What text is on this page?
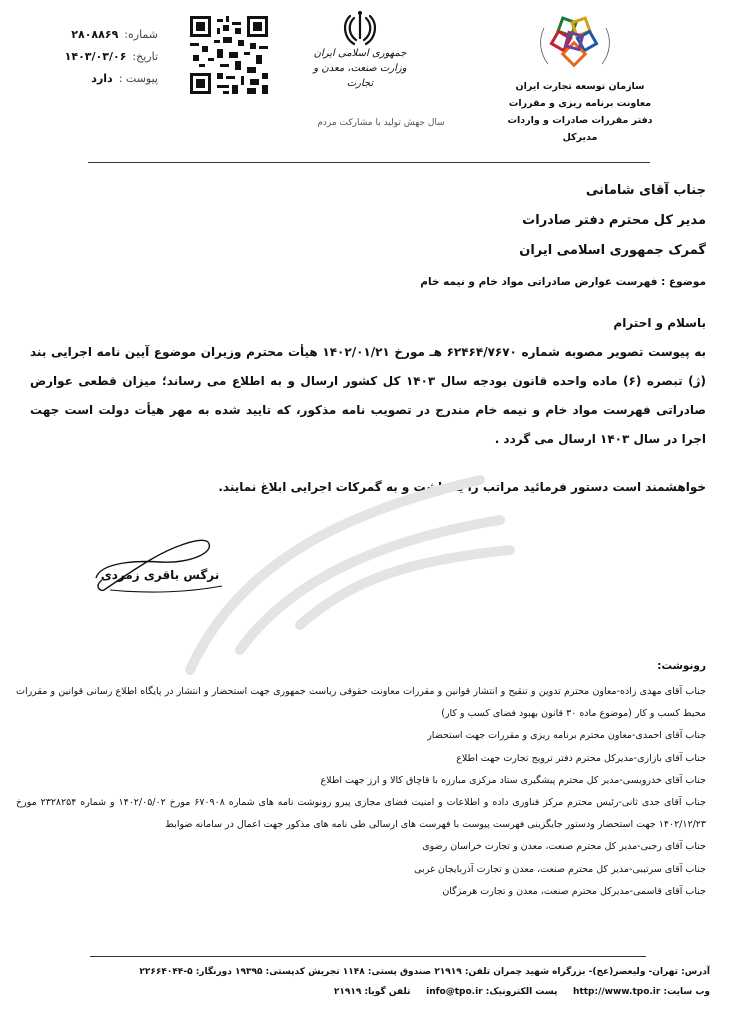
شماره:
۲۸۰۸۸۶۹
تاریخ:
۱۴۰۳/۰۳/۰۶
پیوست :
دارد
جمهوری اسلامی ایران
وزارت صنعت، معدن و تجارت
سال جهش تولید با مشارکت مردم
سازمان توسعه تجارت ایران
معاونت برنامه ریزی و مقررات
دفتر مقررات صادرات و واردات
مدیرکل
جناب آقای شامانی
مدیر کل محترم دفتر صادرات
گمرک جمهوری اسلامی ایران
موضوع : فهرست عوارض صادراتی مواد خام و نیمه خام
باسلام و احترام
به پیوست تصویر مصوبه شماره ۶۲۴۶۴/۷۶۷۰ هـ مورخ ۱۴۰۲/۰۱/۲۱ هیأت محترم وزیران موضوع آیین نامه اجرایی بند (ژ) تبصره (۶) ماده واحده قانون بودجه سال ۱۴۰۳ کل کشور ارسال و به اطلاع می رساند؛ میزان قطعی عوارض صادراتی فهرست مواد خام و نیمه خام مندرج در تصویب نامه مذکور، که تایید شده به مهر هیأت دولت است جهت اجرا در سال ۱۴۰۳ ارسال می گردد .
خواهشمند است دستور فرمائید مراتب را یادداشت و به گمرکات اجرایی ابلاغ نمایند.
نرگس باقری زمردی
رونوشت:
جناب آقای مهدی زاده-معاون محترم تدوین و تنقیح و انتشار قوانین و مقررات معاونت حقوقی ریاست جمهوری جهت استحضار و انتشار در پایگاه اطلاع رسانی قوانین و مقررات محیط کسب و کار (موضوع ماده ۳۰ قانون بهبود فضای کسب و کار)
جناب آقای احمدی-معاون محترم برنامه ریزی و مقررات جهت استحضار
جناب آقای بازاری-مدیرکل محترم دفتر ترویج تجارت جهت اطلاع
جناب آقای خدرویسی-مدیر کل محترم پیشگیری ستاد مرکزی مبارزه با قاچاق کالا و ارز جهت اطلاع
جناب آقای جدی ثانی-رئیس محترم مرکز فناوری داده و اطلاعات و امنیت فضای مجازی پیرو رونوشت نامه های شماره ۶۷۰۹۰۸ مورخ ۱۴۰۲/۰۵/۰۲ و شماره ۲۳۲۸۲۵۴ مورخ ۱۴۰۲/۱۲/۲۳ جهت استحضار ودستور جایگزینی فهرست پیوست با فهرست های ارسالی طی نامه های مذکور جهت اعمال در سامانه ضوابط
جناب آقای رجبی-مدیر کل محترم صنعت، معدن و تجارت خراسان رضوی
جناب آقای سرتیبی-مدیر کل محترم صنعت، معدن و تجارت آذربایجان غربی
جناب آقای قاسمی-مدیرکل محترم صنعت، معدن و تجارت هرمزگان
آدرس: تهران- ولیعصر(عج)- بزرگراه شهید چمران تلفن: ۲۱۹۱۹ صندوق پستی: ۱۱۴۸ تجریش کدپستی: ۱۹۳۹۵ دورنگار: ۵-۲۲۶۶۴۰۴۴
وب سایت: http://www.tpo.ir     پست الکترونیک: info@tpo.ir     تلفن گویا: ۲۱۹۱۹
